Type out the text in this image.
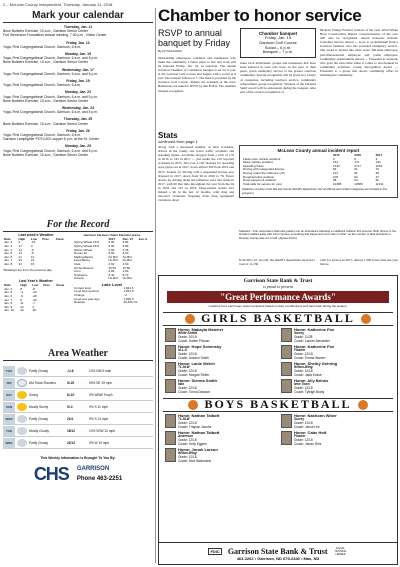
2 – McLean County Independent, Thursday, January 11, 2018
Mark your calendar
Thursday, Jan. 11
Bone Builders Exercise, 10 a.m., Garrison Senior Center
Fort Stevenson Foundation annual meeting, 7:30 p.m., Visitor Center
Friday, Jan. 12
Yoga, First Congregational Church, Garrison, 6 a.m.
Monday, Jan. 15
Yoga, First Congregational Church, Garrison, 6 a.m. and 5 p.m.
Bone Builders Exercise, 10 a.m., Garrison Senior Center
Wednesday, Jan. 17
Yoga, First Congregational Church, Garrison, 6 a.m. and 5 p.m.
Friday, Jan. 19
Yoga, First Congregational Church, Garrison, 6 a.m.
Monday, Jan. 22
Yoga, First Congregational Church, Garrison, 6 a.m. and 5 p.m.
Bone Builders Exercise, 10 a.m., Garrison Senior Center
Wednesday, Jan. 24
Yoga, First Congregational Church, Garrison, 6 a.m. and 5 p.m.
Thursday, Jan. 25
Bone Builders Exercise, 10 a.m., Garrison Senior Center
Friday, Jan. 26
Yoga, First Congregational Church, Garrison, 6 a.m.
Garrison Lamplighter POTLUCK supper 6 p.m. at the Sr. Center
Monday, Jan. 29
Yoga, First Congregational Church, Garrison, 6 a.m. and 5 p.m.
Bone Builders Exercise, 10 a.m., Garrison Senior Center
For the Record
Last week's Weather
Date	High	Low	Prec.	Snow
Jan. 2	5	-19		
Jan. 3	17	3		
Jan. 4	14	-9		
Jan. 5	13	-8		
Jan. 6	21	10		
Jan. 7	33	21		
Jan. 8	34	15		
*Readings are from the previous day
Last Year's Weather
Date	High	Low	Prec.	Snow
Jan. 4	8	-8		
Jan. 5	-3	-23		
Jan. 6	-6	-28		
Jan. 7	6	-30		
Jan. 8	11	-7		
Jan. 9	22	4		
Jan. 10	33	18		
Garrison Farmers Union Elevator prices
	2017	Dec. 27	Jan. 9
Spring Wheat 14%	5.90	5.84	
Spring Wheat 15%	6.00	5.89	
Winter Wheat	3.66	3.46	
Durum #1	6.00	6.00	
Malting Barley	No Bid	No Bid	
Feed Barley	No Bid	No Bid	
Oats	2.60	2.60	
Oil Sunflowers	15.50	15.50	
Corn	2.89	2.83	
Soybeans	8.40	8.73	
Canola	No Bid	No Bid	
Lake Level
Current level	1,841.5
Level last reported	1,841.8
Change	-.2
Level one year ago	1,839.0
Release	20,400 cfs
Area Weather
THU	Partly Cloudy	-1/-6	10% NW 9 mph
FRI	AM Snow Showers	5/-20	50% SE 15 mph
SAT	Sunny	6/-10	0% WNW 9 mph
SUN	Mostly Sunny	9/-4	0% S 11 mph
MON	Partly Cloudy	21/4	0% S 14 mph
TUE	Mostly Cloudy	16/12	10% SSW 12 mph
WED	Partly Cloudy	22/12	0% W 19 mph
This Weekly Information Is Brought To You By:
CHS GARRISON
Phone 463-2251
Chamber to honor service
RSVP to annual banquet by Friday
By ALYSSA KOHM
Outstanding employees, residents and businesses who make the community a better place to live and work will be honored Friday, Jan. 19, in Garrison. The annual Garrison Chamber of Commerce banquet is set for 6 p.m. at the Garrison Golf Course and begins with a social at 6 p.m. The banquet follows at 7. The meal is provided by the Garrison Golf Course. Tickets are available at the door. Businesses are asked to RSVP by this Friday. The chamber banquet recognizes
Chamber banquet
Friday, Jan. 19
Garrison Golf Course
Social – 6 p.m.
Banquet – 7 p.m.
nizes local individuals, groups and businesses that have been selected as ones who have, in the eyes of their peers, given exemplary service to the greater Garrison community. Special recognition will be given in a variety of categories, including Garrison service, community achievement, group recognition. Winners of the Dickens Spirit award will be announced during the banquet. Also part of the event is recognition of
Dickens Village Festival vendors of the year. Ward Wicke Hold Conservation District conservationists of the year will also be recognized. Award honorees include: Customer Service Award — Goes to an individual from a Garrison business who has provided exemplary service. The award is broken into three areas: full-time employee, part-time/seasonal employee and youth employee. Community Achievement Award — Presented to someone who goes the extra mile when it comes to involvement in community activities. Group Recognition Award — Presented to a group that shows community effort in bettering the community.
Stats
continued from page 1
Along with a decreased number of fatal accidents, drivers in the county saw fewer traffic accidents and speeding tickets. Accidents dropped from a total of 170 in 2016 to 143 in 2017 — just under the 159 reported accidents in 2015. Just over 2,150 citations for speeding were given out in 2017, down almost 300 from 2016 and 2015. Tickets for driving with a suspended license also dropped in 2017, down from 96 in 2016 to 79. Fewer arrests for driving under the influence were also made in 2017, with 90 that time throughout the year from the 94 in 2016 and 125 in 2016. Drug-related arrests also missed a hit in the last 12 months, with drug and narcotics violations dropping from drug equipment violations down
McLean County annual incident report
	2015	2016	2017
Fatal motor vehicle accident	6	8	3
Motor vehicle accident	154	170	143
Speeding ticket	2730	2717	2253
Driving with suspended license	82	91	79
Driving under the influence (x3)	124	91	95
Drug/narcotics violation	105	90	47
Drug equipment violation	98	64	52
Total calls for service for year	12486	12589	11311
(Statistics courtesy of the McLean County Sheriff's Department. Not all offense and incident categories are included in this synopsis.)
Statistics - First responders shall care patient into an ambulance following a roadblock collision this summer. Both drivers in the accident walked away with minor injuries, something that happened more often in 2017, as the number of fatal accidents in McLean County was cut in half. (Alyssa Kohm)
from 69 to 47. In total, the sheriff's department reported a total of 11,230
calls for service in 2017, almost 1,300 fewer than the year before.
Garrison State Bank & Trust
is proud to present
"Great Performance Awards"
Coaches from each team select recipients based on their contributions and hard work during the season.
GIRLS BASKETBALL
Home: Makayla Meicher
White Shield
Grade: 10/18
Coach: Hailee Plowan
Home: Katherine Fox
Surrey
Grade: 11/28
Coach: Lauren Alexander
Home: Hope Schensky
M-L-S
Grade: 12/18
Coach: Autumn Smith
Home: Katherine Fox
Flasher
Grade: 12/18
Coach: Emma Warren
Home: Lanie Welch
TL-M-W
Grade: 12/18
Coach: Morgan Reiter
Home: Shelby Gehring
Wilton-Wing
Grade: 12/18
Coach: Jada Kosse
Home: Sienna Smith
Max
Grade: 12/18
Coach: Tonna Dawson
Home: Ally Brinks
New Town
Grade: 12/18
Coach: Tyleigh Brady
BOYS BASKETBALL
Home: Nathan Talbott
TL-M-W
Grade: 12/18
Coach: Trayson Jacobs
Home: Nashonn Winer
Surrey
Grade: 12/18
Coach: Jacob Lee
Home: Nathan Talbott
Anderson
Grade: 12/18
Coach: Kelly Eggers
Home: Cabe Holt
Flasher
Grade: 12/18
Coach: Jarran Reis
Home: Jonah Larson
Wilton-Wing
Grade: 12/18
Coach: Nick Backmann
FDIC Garrison State Bank & Trust	EQUAL HOUSING LENDER
463-2262 • Garrison, ND 679-2340 • Max, ND
